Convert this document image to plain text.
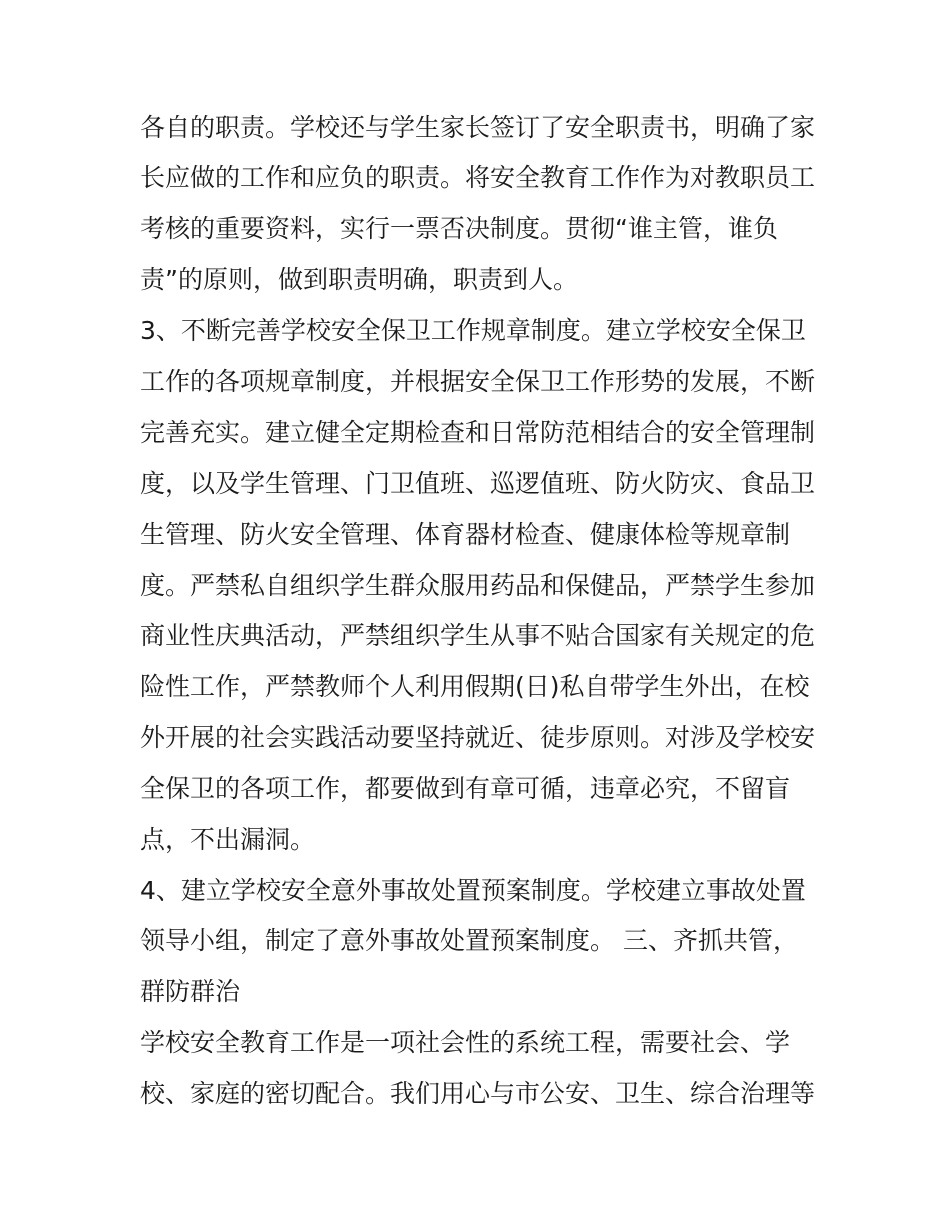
各自的职责。学校还与学生家长签订了安全职责书，明确了家
长应做的工作和应负的职责。将安全教育工作作为对教职员工
考核的重要资料，实行一票否决制度。贯彻“谁主管，谁负
责”的原则，做到职责明确，职责到人。
3、不断完善学校安全保卫工作规章制度。建立学校安全保卫
工作的各项规章制度，并根据安全保卫工作形势的发展，不断
完善充实。建立健全定期检查和日常防范相结合的安全管理制
度，以及学生管理、门卫值班、巡逻值班、防火防灾、食品卫
生管理、防火安全管理、体育器材检查、健康体检等规章制
度。严禁私自组织学生群众服用药品和保健品，严禁学生参加
商业性庆典活动，严禁组织学生从事不贴合国家有关规定的危
险性工作，严禁教师个人利用假期(日)私自带学生外出，在校
外开展的社会实践活动要坚持就近、徒步原则。对涉及学校安
全保卫的各项工作，都要做到有章可循，违章必究，不留盲
点，不出漏洞。
4、建立学校安全意外事故处置预案制度。学校建立事故处置
领导小组，制定了意外事故处置预案制度。 三、齐抓共管，
群防群治
学校安全教育工作是一项社会性的系统工程，需要社会、学
校、家庭的密切配合。我们用心与市公安、卫生、综合治理等
